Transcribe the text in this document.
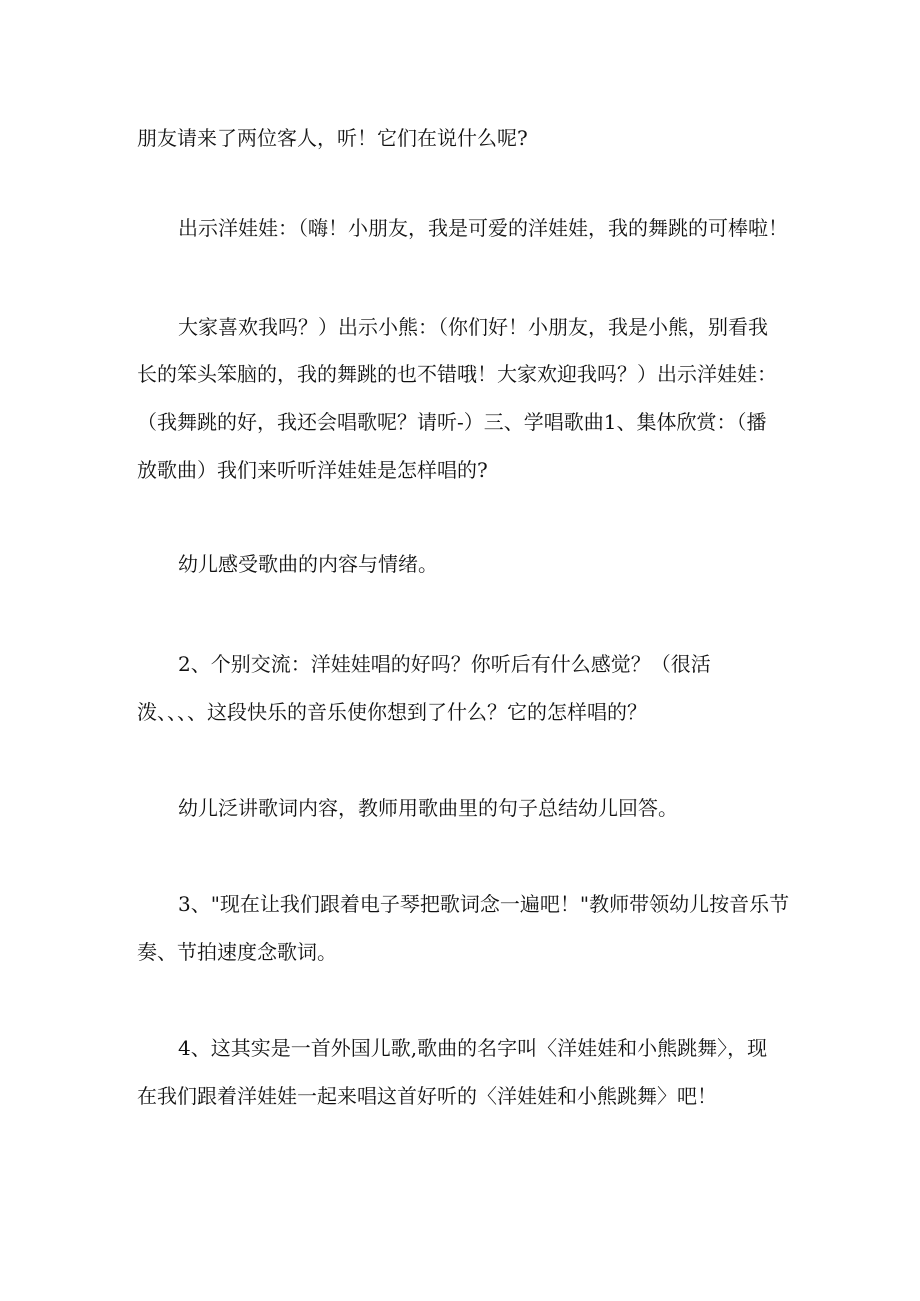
朋友请来了两位客人，听！它们在说什么呢?
出示洋娃娃：（嗨！小朋友，我是可爱的洋娃娃，我的舞跳的可棒啦！
大家喜欢我吗？）出示小熊：（你们好！小朋友，我是小熊，别看我
长的笨头笨脑的，我的舞跳的也不错哦！大家欢迎我吗？）出示洋娃娃：
（我舞跳的好，我还会唱歌呢？请听-）三、学唱歌曲1、集体欣赏：（播
放歌曲）我们来听听洋娃娃是怎样唱的?
幼儿感受歌曲的内容与情绪。
2、个别交流：洋娃娃唱的好吗？你听后有什么感觉？（很活
泼、、、、这段快乐的音乐使你想到了什么？它的怎样唱的？
幼儿泛讲歌词内容，教师用歌曲里的句子总结幼儿回答。
3、"现在让我们跟着电子琴把歌词念一遍吧！"教师带领幼儿按音乐节
奏、节拍速度念歌词。
4、这其实是一首外国儿歌,歌曲的名字叫〈洋娃娃和小熊跳舞〉，现
在我们跟着洋娃娃一起来唱这首好听的〈洋娃娃和小熊跳舞〉吧！
